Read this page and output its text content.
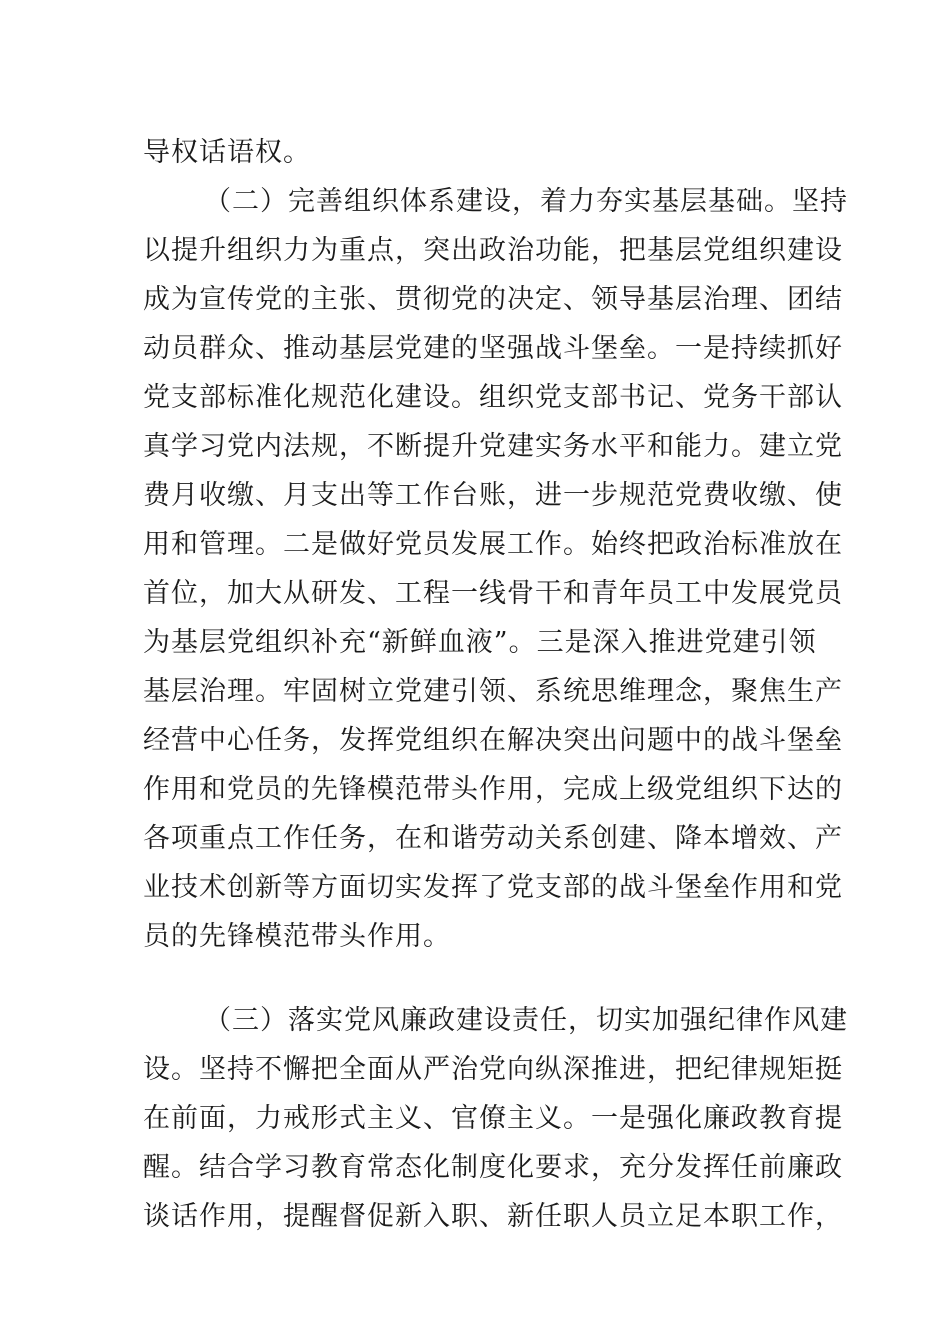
导权话语权。
（二）完善组织体系建设，着力夯实基层基础。坚持
以提升组织力为重点，突出政治功能，把基层党组织建设
成为宣传党的主张、贯彻党的决定、领导基层治理、团结
动员群众、推动基层党建的坚强战斗堡垒。一是持续抓好
党支部标准化规范化建设。组织党支部书记、党务干部认
真学习党内法规，不断提升党建实务水平和能力。建立党
费月收缴、月支出等工作台账，进一步规范党费收缴、使
用和管理。二是做好党员发展工作。始终把政治标准放在
首位，加大从研发、工程一线骨干和青年员工中发展党员
为基层党组织补充“新鲜血液”。三是深入推进党建引领
基层治理。牢固树立党建引领、系统思维理念，聚焦生产
经营中心任务，发挥党组织在解决突出问题中的战斗堡垒
作用和党员的先锋模范带头作用，完成上级党组织下达的
各项重点工作任务，在和谐劳动关系创建、降本增效、产
业技术创新等方面切实发挥了党支部的战斗堡垒作用和党
员的先锋模范带头作用。
（三）落实党风廉政建设责任，切实加强纪律作风建
设。坚持不懈把全面从严治党向纵深推进，把纪律规矩挺
在前面，力戒形式主义、官僚主义。一是强化廉政教育提
醒。结合学习教育常态化制度化要求，充分发挥任前廉政
谈话作用，提醒督促新入职、新任职人员立足本职工作，
